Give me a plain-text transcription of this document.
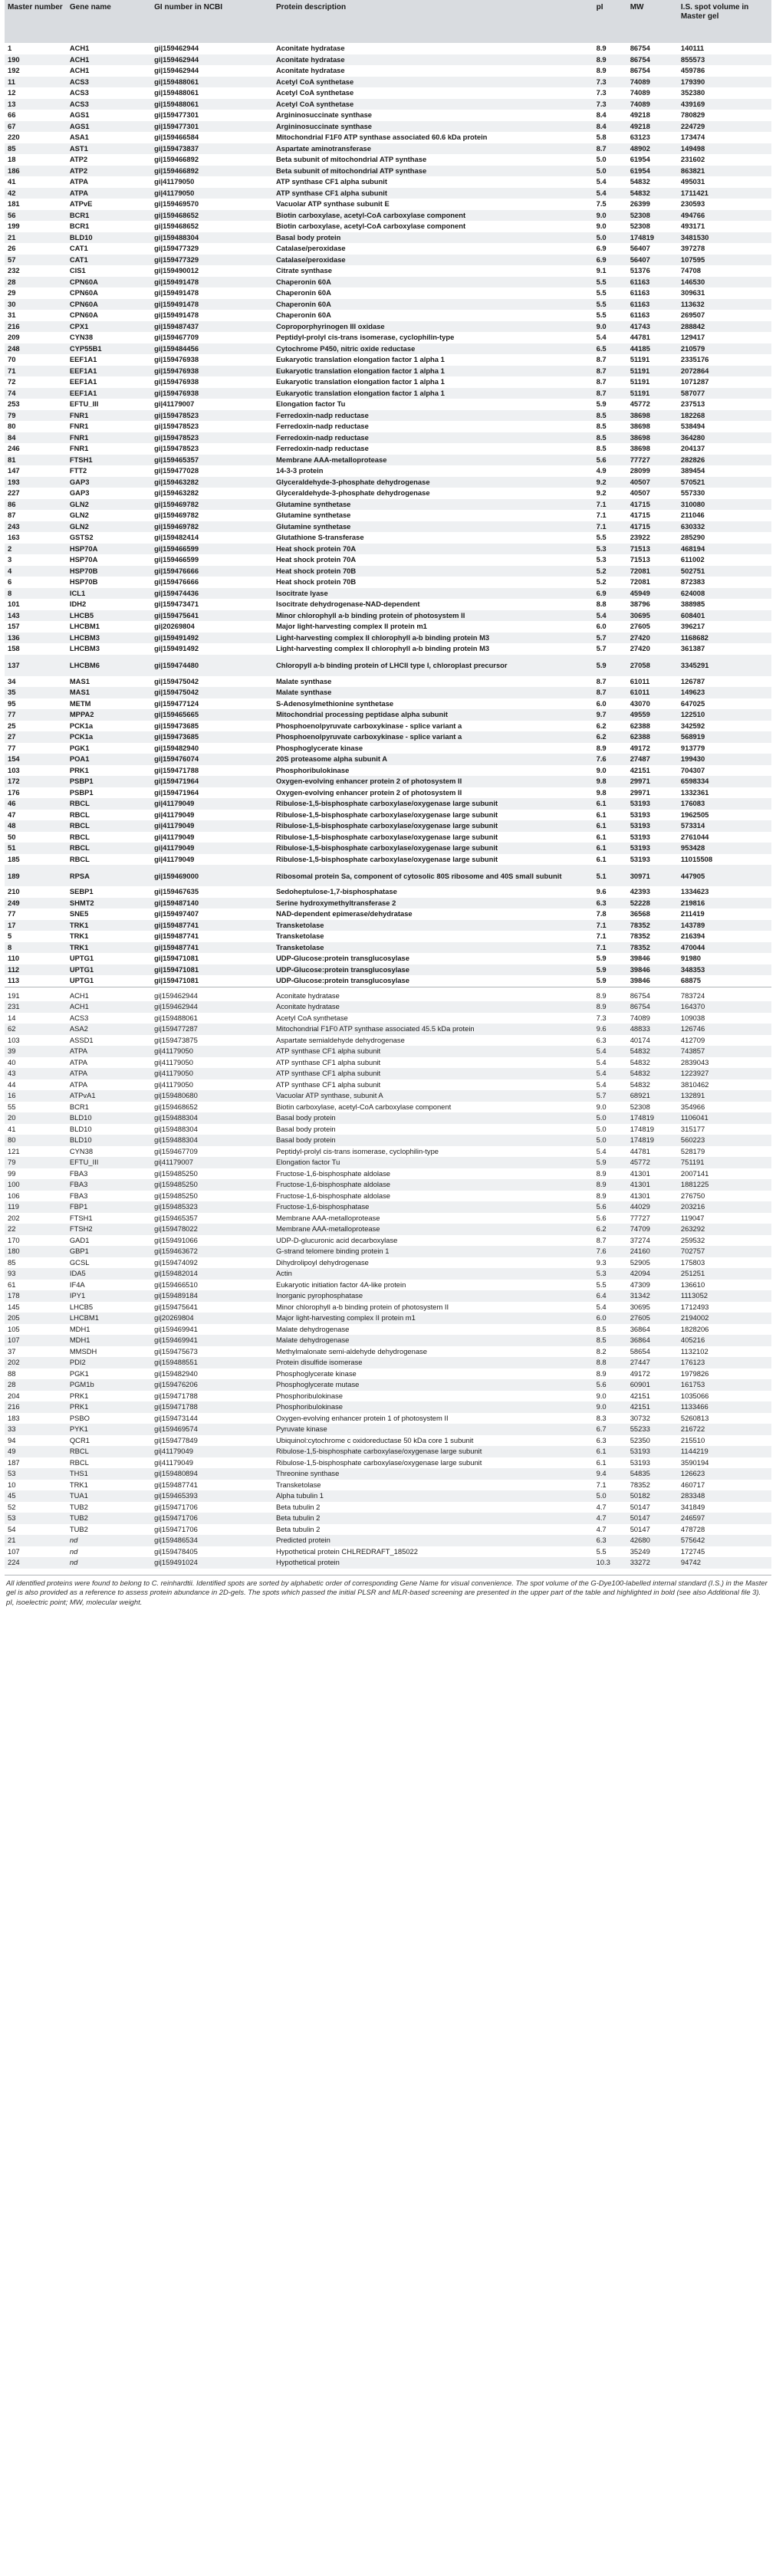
Master number	Gene name	GI number in NCBI	Protein description	pI	MW	I.S. spot volume in Master gel
1	ACH1	gi|159462944	Aconitate hydratase	8.9	86754	140111
190	ACH1	gi|159462944	Aconitate hydratase	8.9	86754	855573
192	ACH1	gi|159462944	Aconitate hydratase	8.9	86754	459786
11	ACS3	gi|159488061	Acetyl CoA synthetase	7.3	74089	179390
12	ACS3	gi|159488061	Acetyl CoA synthetase	7.3	74089	352380
13	ACS3	gi|159488061	Acetyl CoA synthetase	7.3	74089	439169
66	AGS1	gi|159477301	Argininosuccinate synthase	8.4	49218	780829
67	AGS1	gi|159477301	Argininosuccinate synthase	8.4	49218	224729
220	ASA1	gi|159466584	Mitochondrial F1F0 ATP synthase associated 60.6 kDa protein	5.8	63123	173474
85	AST1	gi|159473837	Aspartate aminotransferase	8.7	48902	149498
18	ATP2	gi|159466892	Beta subunit of mitochondrial ATP synthase	5.0	61954	231602
186	ATP2	gi|159466892	Beta subunit of mitochondrial ATP synthase	5.0	61954	863821
41	ATPA	gi|41179050	ATP synthase CF1 alpha subunit	5.4	54832	495031
42	ATPA	gi|41179050	ATP synthase CF1 alpha subunit	5.4	54832	1711421
181	ATPvE	gi|159469570	Vacuolar ATP synthase subunit E	7.5	26399	230593
56	BCR1	gi|159468652	Biotin carboxylase, acetyl-CoA carboxylase component	9.0	52308	494766
199	BCR1	gi|159468652	Biotin carboxylase, acetyl-CoA carboxylase component	9.0	52308	493171
21	BLD10	gi|159488304	Basal body protein	5.0	174819	3481530
26	CAT1	gi|159477329	Catalase/peroxidase	6.9	56407	397278
57	CAT1	gi|159477329	Catalase/peroxidase	6.9	56407	107595
232	CIS1	gi|159490012	Citrate synthase	9.1	51376	74708
28	CPN60A	gi|159491478	Chaperonin 60A	5.5	61163	146530
29	CPN60A	gi|159491478	Chaperonin 60A	5.5	61163	309631
30	CPN60A	gi|159491478	Chaperonin 60A	5.5	61163	113632
31	CPN60A	gi|159491478	Chaperonin 60A	5.5	61163	269507
216	CPX1	gi|159487437	Coproporphyrinogen III oxidase	9.0	41743	288842
209	CYN38	gi|159467709	Peptidyl-prolyl cis-trans isomerase, cyclophilin-type	5.4	44781	129417
248	CYP55B1	gi|159484456	Cytochrome P450, nitric oxide reductase	6.5	44185	210579
70	EEF1A1	gi|159476938	Eukaryotic translation elongation factor 1 alpha 1	8.7	51191	2335176
71	EEF1A1	gi|159476938	Eukaryotic translation elongation factor 1 alpha 1	8.7	51191	2072864
72	EEF1A1	gi|159476938	Eukaryotic translation elongation factor 1 alpha 1	8.7	51191	1071287
74	EEF1A1	gi|159476938	Eukaryotic translation elongation factor 1 alpha 1	8.7	51191	587077
253	EFTU_III	gi|41179007	Elongation factor Tu	5.9	45772	237513
79	FNR1	gi|159478523	Ferredoxin-nadp reductase	8.5	38698	182268
80	FNR1	gi|159478523	Ferredoxin-nadp reductase	8.5	38698	538494
84	FNR1	gi|159478523	Ferredoxin-nadp reductase	8.5	38698	364280
246	FNR1	gi|159478523	Ferredoxin-nadp reductase	8.5	38698	204137
81	FTSH1	gi|159465357	Membrane AAA-metalloprotease	5.6	77727	282826
147	FTT2	gi|159477028	14-3-3 protein	4.9	28099	389454
193	GAP3	gi|159463282	Glyceraldehyde-3-phosphate dehydrogenase	9.2	40507	570521
227	GAP3	gi|159463282	Glyceraldehyde-3-phosphate dehydrogenase	9.2	40507	557330
86	GLN2	gi|159469782	Glutamine synthetase	7.1	41715	310080
87	GLN2	gi|159469782	Glutamine synthetase	7.1	41715	211046
243	GLN2	gi|159469782	Glutamine synthetase	7.1	41715	630332
163	GSTS2	gi|159482414	Glutathione S-transferase	5.5	23922	285290
2	HSP70A	gi|159466599	Heat shock protein 70A	5.3	71513	468194
3	HSP70A	gi|159466599	Heat shock protein 70A	5.3	71513	611002
4	HSP70B	gi|159476666	Heat shock protein 70B	5.2	72081	502751
6	HSP70B	gi|159476666	Heat shock protein 70B	5.2	72081	872383
8	ICL1	gi|159474436	Isocitrate lyase	6.9	45949	624008
101	IDH2	gi|159473471	Isocitrate dehydrogenase-NAD-dependent	8.8	38796	388985
143	LHCB5	gi|159475641	Minor chlorophyll a-b binding protein of photosystem II	5.4	30695	608401
157	LHCBM1	gi|20269804	Major light-harvesting complex II protein m1	6.0	27605	396217
136	LHCBM3	gi|159491492	Light-harvesting complex II chlorophyll a-b binding protein M3	5.7	27420	1168682
158	LHCBM3	gi|159491492	Light-harvesting complex II chlorophyll a-b binding protein M3	5.7	27420	361387
137	LHCBM6	gi|159474480	Chloropyll a-b binding protein of LHCII type I, chloroplast precursor	5.9	27058	3345291
34	MAS1	gi|159475042	Malate synthase	8.7	61011	126787
35	MAS1	gi|159475042	Malate synthase	8.7	61011	149623
95	METM	gi|159477124	S-Adenosylmethionine synthetase	6.0	43070	647025
77	MPPA2	gi|159465665	Mitochondrial processing peptidase alpha subunit	9.7	49559	122510
25	PCK1a	gi|159473685	Phosphoenolpyruvate carboxykinase - splice variant a	6.2	62388	342592
27	PCK1a	gi|159473685	Phosphoenolpyruvate carboxykinase - splice variant a	6.2	62388	568919
77	PGK1	gi|159482940	Phosphoglycerate kinase	8.9	49172	913779
154	POA1	gi|159476074	20S proteasome alpha subunit A	7.6	27487	199430
103	PRK1	gi|159471788	Phosphoribulokinase	9.0	42151	704307
172	PSBP1	gi|159471964	Oxygen-evolving enhancer protein 2 of photosystem II	9.8	29971	6598334
176	PSBP1	gi|159471964	Oxygen-evolving enhancer protein 2 of photosystem II	9.8	29971	1332361
46	RBCL	gi|41179049	Ribulose-1,5-bisphosphate carboxylase/oxygenase large subunit	6.1	53193	176083
47	RBCL	gi|41179049	Ribulose-1,5-bisphosphate carboxylase/oxygenase large subunit	6.1	53193	1962505
48	RBCL	gi|41179049	Ribulose-1,5-bisphosphate carboxylase/oxygenase large subunit	6.1	53193	573314
50	RBCL	gi|41179049	Ribulose-1,5-bisphosphate carboxylase/oxygenase large subunit	6.1	53193	2761044
51	RBCL	gi|41179049	Ribulose-1,5-bisphosphate carboxylase/oxygenase large subunit	6.1	53193	953428
185	RBCL	gi|41179049	Ribulose-1,5-bisphosphate carboxylase/oxygenase large subunit	6.1	53193	11015508
189	RPSA	gi|159469000	Ribosomal protein Sa, component of cytosolic 80S ribosome and 40S small subunit	5.1	30971	447905
210	SEBP1	gi|159467635	Sedoheptulose-1,7-bisphosphatase	9.6	42393	1334623
249	SHMT2	gi|159487140	Serine hydroxymethyltransferase 2	6.3	52228	219816
77	SNE5	gi|159497407	NAD-dependent epimerase/dehydratase	7.8	36568	211419
17	TRK1	gi|159487741	Transketolase	7.1	78352	143789
5	TRK1	gi|159487741	Transketolase	7.1	78352	216394
8	TRK1	gi|159487741	Transketolase	7.1	78352	470044
110	UPTG1	gi|159471081	UDP-Glucose:protein transglucosylase	5.9	39846	91980
112	UPTG1	gi|159471081	UDP-Glucose:protein transglucosylase	5.9	39846	348353
113	UPTG1	gi|159471081	UDP-Glucose:protein transglucosylase	5.9	39846	68875

191	ACH1	gi|159462944	Aconitate hydratase	8.9	86754	783724
231	ACH1	gi|159462944	Aconitate hydratase	8.9	86754	164370
14	ACS3	gi|159488061	Acetyl CoA synthetase	7.3	74089	109038
62	ASA2	gi|159477287	Mitochondrial F1F0 ATP synthase associated 45.5 kDa protein	9.6	48833	126746
103	ASSD1	gi|159473875	Aspartate semialdehyde dehydrogenase	6.3	40174	412709
39	ATPA	gi|41179050	ATP synthase CF1 alpha subunit	5.4	54832	743857
40	ATPA	gi|41179050	ATP synthase CF1 alpha subunit	5.4	54832	2839043
43	ATPA	gi|41179050	ATP synthase CF1 alpha subunit	5.4	54832	1223927
44	ATPA	gi|41179050	ATP synthase CF1 alpha subunit	5.4	54832	3810462
16	ATPvA1	gi|159480680	Vacuolar ATP synthase, subunit A	5.7	68921	132891
55	BCR1	gi|159468652	Biotin carboxylase, acetyl-CoA carboxylase component	9.0	52308	354966
20	BLD10	gi|159488304	Basal body protein	5.0	174819	1106041
41	BLD10	gi|159488304	Basal body protein	5.0	174819	315177
80	BLD10	gi|159488304	Basal body protein	5.0	174819	560223
121	CYN38	gi|159467709	Peptidyl-prolyl cis-trans isomerase, cyclophilin-type	5.4	44781	528179
79	EFTU_III	gi|41179007	Elongation factor Tu	5.9	45772	751191
99	FBA3	gi|159485250	Fructose-1,6-bisphosphate aldolase	8.9	41301	2007141
100	FBA3	gi|159485250	Fructose-1,6-bisphosphate aldolase	8.9	41301	1881225
106	FBA3	gi|159485250	Fructose-1,6-bisphosphate aldolase	8.9	41301	276750
119	FBP1	gi|159485323	Fructose-1,6-bisphosphatase	5.6	44029	203216
202	FTSH1	gi|159465357	Membrane AAA-metalloprotease	5.6	77727	119047
22	FTSH2	gi|159478022	Membrane AAA-metalloprotease	6.2	74709	263292
170	GAD1	gi|159491066	UDP-D-glucuronic acid decarboxylase	8.7	37274	259532
180	GBP1	gi|159463672	G-strand telomere binding protein 1	7.6	24160	702757
85	GCSL	gi|159474092	Dihydrolipoyl dehydrogenase	9.3	52905	175803
93	IDA5	gi|159482014	Actin	5.3	42094	251251
61	IF4A	gi|159466510	Eukaryotic initiation factor 4A-like protein	5.5	47309	136610
178	IPY1	gi|159489184	Inorganic pyrophosphatase	6.4	31342	1113052
145	LHCB5	gi|159475641	Minor chlorophyll a-b binding protein of photosystem II	5.4	30695	1712493
205	LHCBM1	gi|20269804	Major light-harvesting complex II protein m1	6.0	27605	2194002
105	MDH1	gi|159469941	Malate dehydrogenase	8.5	36864	1828206
107	MDH1	gi|159469941	Malate dehydrogenase	8.5	36864	405216
37	MMSDH	gi|159475673	Methylmalonate semi-aldehyde dehydrogenase	8.2	58654	1132102
202	PDI2	gi|159488551	Protein disulfide isomerase	8.8	27447	176123
88	PGK1	gi|159482940	Phosphoglycerate kinase	8.9	49172	1979826
28	PGM1b	gi|159476206	Phosphoglycerate mutase	5.6	60901	161753
204	PRK1	gi|159471788	Phosphoribulokinase	9.0	42151	1035066
216	PRK1	gi|159471788	Phosphoribulokinase	9.0	42151	1133466
183	PSBO	gi|159473144	Oxygen-evolving enhancer protein 1 of photosystem II	8.3	30732	5260813
33	PYK1	gi|159469574	Pyruvate kinase	6.7	55233	216722
94	QCR1	gi|159477849	Ubiquinol:cytochrome c oxidoreductase 50 kDa core 1 subunit	6.3	52350	215510
49	RBCL	gi|41179049	Ribulose-1,5-bisphosphate carboxylase/oxygenase large subunit	6.1	53193	1144219
187	RBCL	gi|41179049	Ribulose-1,5-bisphosphate carboxylase/oxygenase large subunit	6.1	53193	3590194
53	THS1	gi|159480894	Threonine synthase	9.4	54835	126623
10	TRK1	gi|159487741	Transketolase	7.1	78352	460717
45	TUA1	gi|159465393	Alpha tubulin 1	5.0	50182	283348
52	TUB2	gi|159471706	Beta tubulin 2	4.7	50147	341849
53	TUB2	gi|159471706	Beta tubulin 2	4.7	50147	246597
54	TUB2	gi|159471706	Beta tubulin 2	4.7	50147	478728
21	nd	gi|159486534	Predicted protein	6.3	42680	575642
107	nd	gi|159478405	Hypothetical protein CHLREDRAFT_185022	5.5	35249	172745
224	nd	gi|159491024	Hypothetical protein	10.3	33272	94742
All identified proteins were found to belong to C. reinhardtii. Identified spots are sorted by alphabetic order of corresponding Gene Name for visual convenience. The spot volume of the G-Dye100-labelled internal standard (I.S.) in the Master gel is also provided as a reference to assess protein abundance in 2D-gels. The spots which passed the initial PLSR and MLR-based screening are presented in the upper part of the table and highlighted in bold (see also Additional file 3). pI, isoelectric point; MW, molecular weight.
